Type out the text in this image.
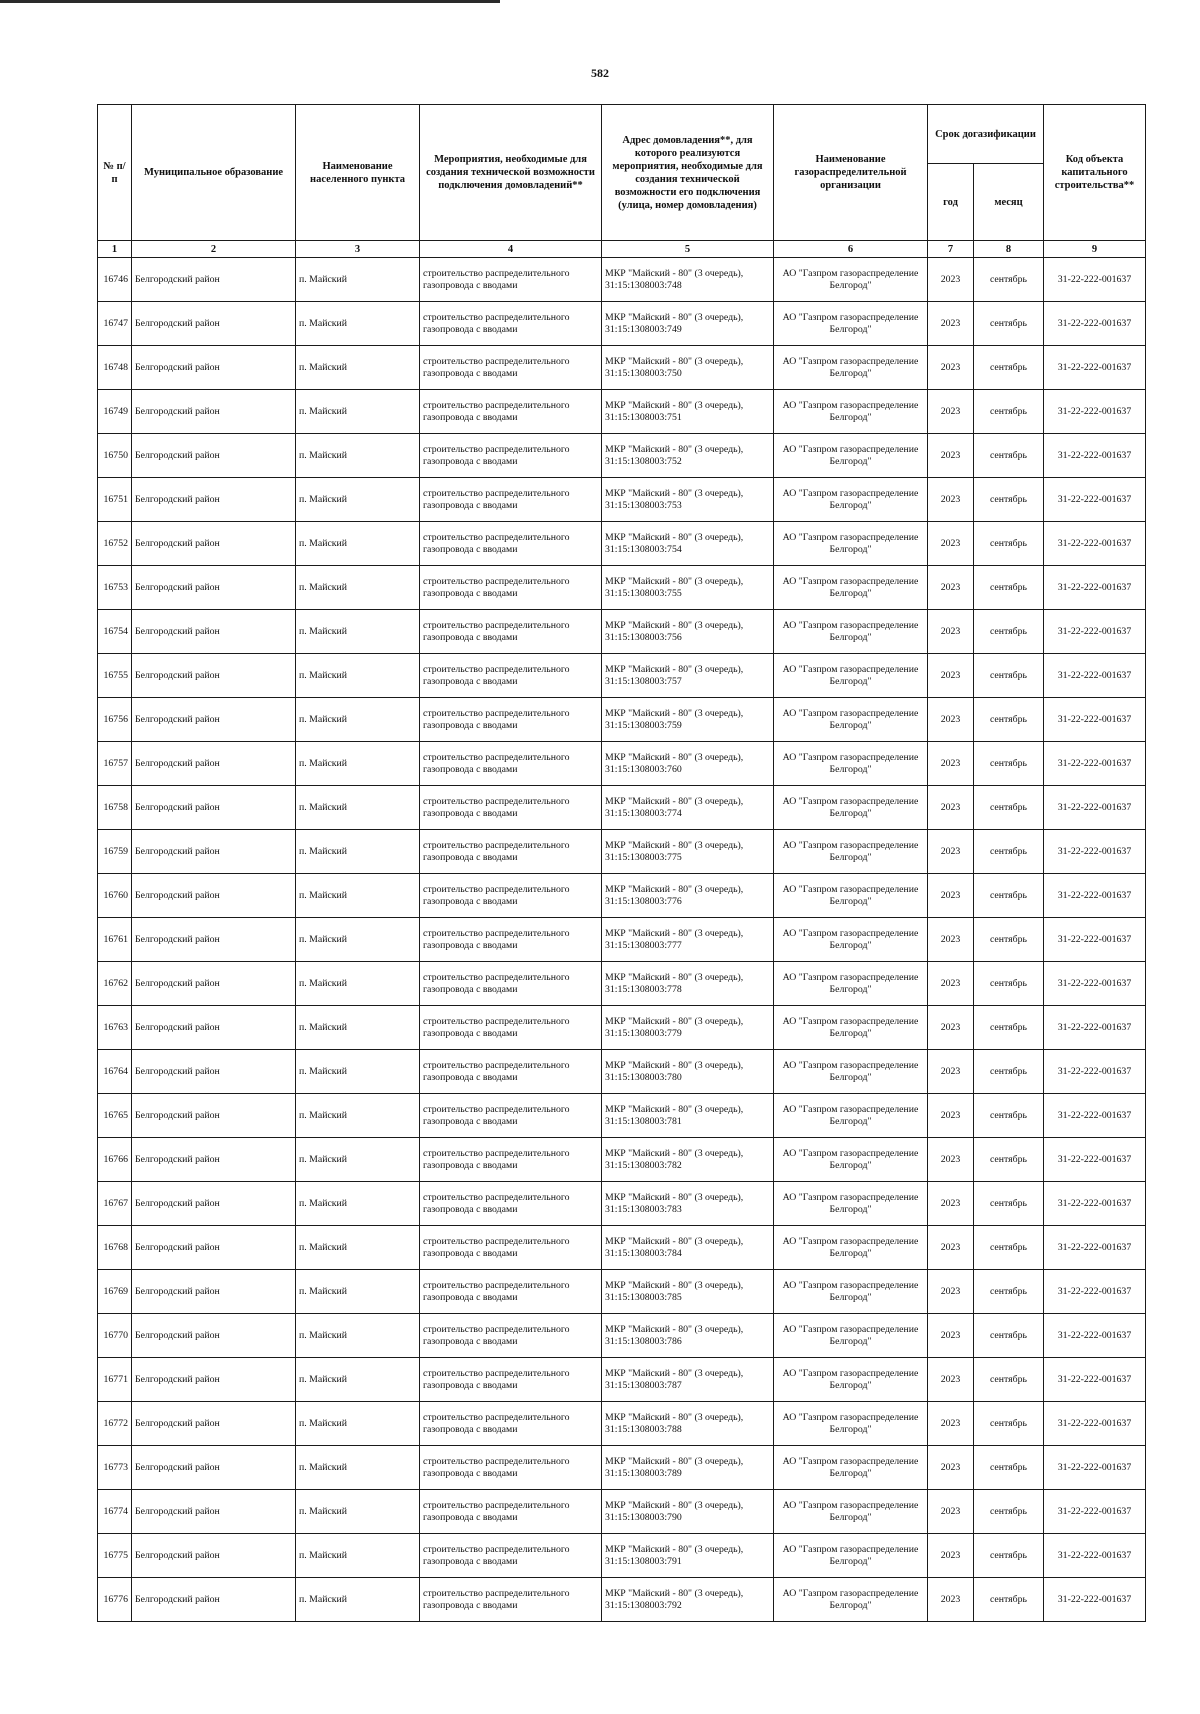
582
№ п/п	Муниципальное образование	Наименование населенного пункта	Мероприятия, необходимые для создания технической возможности подключения домовладений**	Адрес домовладения**, для которого реализуются мероприятия, необходимые для создания технической возможности его подключения (улица, номер домовладения)	Наименование газораспределительной организации	Срок догазификации		Код объекта капитального строительства**
						год	месяц	
1	2	3	4	5	6	7	8	9
16746	Белгородский район	п. Майский	строительство распределительного газопровода с вводами	МКР "Майский - 80" (3 очередь), 31:15:1308003:748	АО "Газпром газораспределение Белгород"	2023	сентябрь	31-22-222-001637
16747	Белгородский район	п. Майский	строительство распределительного газопровода с вводами	МКР "Майский - 80" (3 очередь), 31:15:1308003:749	АО "Газпром газораспределение Белгород"	2023	сентябрь	31-22-222-001637
16748	Белгородский район	п. Майский	строительство распределительного газопровода с вводами	МКР "Майский - 80" (3 очередь), 31:15:1308003:750	АО "Газпром газораспределение Белгород"	2023	сентябрь	31-22-222-001637
16749	Белгородский район	п. Майский	строительство распределительного газопровода с вводами	МКР "Майский - 80" (3 очередь), 31:15:1308003:751	АО "Газпром газораспределение Белгород"	2023	сентябрь	31-22-222-001637
16750	Белгородский район	п. Майский	строительство распределительного газопровода с вводами	МКР "Майский - 80" (3 очередь), 31:15:1308003:752	АО "Газпром газораспределение Белгород"	2023	сентябрь	31-22-222-001637
16751	Белгородский район	п. Майский	строительство распределительного газопровода с вводами	МКР "Майский - 80" (3 очередь), 31:15:1308003:753	АО "Газпром газораспределение Белгород"	2023	сентябрь	31-22-222-001637
16752	Белгородский район	п. Майский	строительство распределительного газопровода с вводами	МКР "Майский - 80" (3 очередь), 31:15:1308003:754	АО "Газпром газораспределение Белгород"	2023	сентябрь	31-22-222-001637
16753	Белгородский район	п. Майский	строительство распределительного газопровода с вводами	МКР "Майский - 80" (3 очередь), 31:15:1308003:755	АО "Газпром газораспределение Белгород"	2023	сентябрь	31-22-222-001637
16754	Белгородский район	п. Майский	строительство распределительного газопровода с вводами	МКР "Майский - 80" (3 очередь), 31:15:1308003:756	АО "Газпром газораспределение Белгород"	2023	сентябрь	31-22-222-001637
16755	Белгородский район	п. Майский	строительство распределительного газопровода с вводами	МКР "Майский - 80" (3 очередь), 31:15:1308003:757	АО "Газпром газораспределение Белгород"	2023	сентябрь	31-22-222-001637
16756	Белгородский район	п. Майский	строительство распределительного газопровода с вводами	МКР "Майский - 80" (3 очередь), 31:15:1308003:759	АО "Газпром газораспределение Белгород"	2023	сентябрь	31-22-222-001637
16757	Белгородский район	п. Майский	строительство распределительного газопровода с вводами	МКР "Майский - 80" (3 очередь), 31:15:1308003:760	АО "Газпром газораспределение Белгород"	2023	сентябрь	31-22-222-001637
16758	Белгородский район	п. Майский	строительство распределительного газопровода с вводами	МКР "Майский - 80" (3 очередь), 31:15:1308003:774	АО "Газпром газораспределение Белгород"	2023	сентябрь	31-22-222-001637
16759	Белгородский район	п. Майский	строительство распределительного газопровода с вводами	МКР "Майский - 80" (3 очередь), 31:15:1308003:775	АО "Газпром газораспределение Белгород"	2023	сентябрь	31-22-222-001637
16760	Белгородский район	п. Майский	строительство распределительного газопровода с вводами	МКР "Майский - 80" (3 очередь), 31:15:1308003:776	АО "Газпром газораспределение Белгород"	2023	сентябрь	31-22-222-001637
16761	Белгородский район	п. Майский	строительство распределительного газопровода с вводами	МКР "Майский - 80" (3 очередь), 31:15:1308003:777	АО "Газпром газораспределение Белгород"	2023	сентябрь	31-22-222-001637
16762	Белгородский район	п. Майский	строительство распределительного газопровода с вводами	МКР "Майский - 80" (3 очередь), 31:15:1308003:778	АО "Газпром газораспределение Белгород"	2023	сентябрь	31-22-222-001637
16763	Белгородский район	п. Майский	строительство распределительного газопровода с вводами	МКР "Майский - 80" (3 очередь), 31:15:1308003:779	АО "Газпром газораспределение Белгород"	2023	сентябрь	31-22-222-001637
16764	Белгородский район	п. Майский	строительство распределительного газопровода с вводами	МКР "Майский - 80" (3 очередь), 31:15:1308003:780	АО "Газпром газораспределение Белгород"	2023	сентябрь	31-22-222-001637
16765	Белгородский район	п. Майский	строительство распределительного газопровода с вводами	МКР "Майский - 80" (3 очередь), 31:15:1308003:781	АО "Газпром газораспределение Белгород"	2023	сентябрь	31-22-222-001637
16766	Белгородский район	п. Майский	строительство распределительного газопровода с вводами	МКР "Майский - 80" (3 очередь), 31:15:1308003:782	АО "Газпром газораспределение Белгород"	2023	сентябрь	31-22-222-001637
16767	Белгородский район	п. Майский	строительство распределительного газопровода с вводами	МКР "Майский - 80" (3 очередь), 31:15:1308003:783	АО "Газпром газораспределение Белгород"	2023	сентябрь	31-22-222-001637
16768	Белгородский район	п. Майский	строительство распределительного газопровода с вводами	МКР "Майский - 80" (3 очередь), 31:15:1308003:784	АО "Газпром газораспределение Белгород"	2023	сентябрь	31-22-222-001637
16769	Белгородский район	п. Майский	строительство распределительного газопровода с вводами	МКР "Майский - 80" (3 очередь), 31:15:1308003:785	АО "Газпром газораспределение Белгород"	2023	сентябрь	31-22-222-001637
16770	Белгородский район	п. Майский	строительство распределительного газопровода с вводами	МКР "Майский - 80" (3 очередь), 31:15:1308003:786	АО "Газпром газораспределение Белгород"	2023	сентябрь	31-22-222-001637
16771	Белгородский район	п. Майский	строительство распределительного газопровода с вводами	МКР "Майский - 80" (3 очередь), 31:15:1308003:787	АО "Газпром газораспределение Белгород"	2023	сентябрь	31-22-222-001637
16772	Белгородский район	п. Майский	строительство распределительного газопровода с вводами	МКР "Майский - 80" (3 очередь), 31:15:1308003:788	АО "Газпром газораспределение Белгород"	2023	сентябрь	31-22-222-001637
16773	Белгородский район	п. Майский	строительство распределительного газопровода с вводами	МКР "Майский - 80" (3 очередь), 31:15:1308003:789	АО "Газпром газораспределение Белгород"	2023	сентябрь	31-22-222-001637
16774	Белгородский район	п. Майский	строительство распределительного газопровода с вводами	МКР "Майский - 80" (3 очередь), 31:15:1308003:790	АО "Газпром газораспределение Белгород"	2023	сентябрь	31-22-222-001637
16775	Белгородский район	п. Майский	строительство распределительного газопровода с вводами	МКР "Майский - 80" (3 очередь), 31:15:1308003:791	АО "Газпром газораспределение Белгород"	2023	сентябрь	31-22-222-001637
16776	Белгородский район	п. Майский	строительство распределительного газопровода с вводами	МКР "Майский - 80" (3 очередь), 31:15:1308003:792	АО "Газпром газораспределение Белгород"	2023	сентябрь	31-22-222-001637
